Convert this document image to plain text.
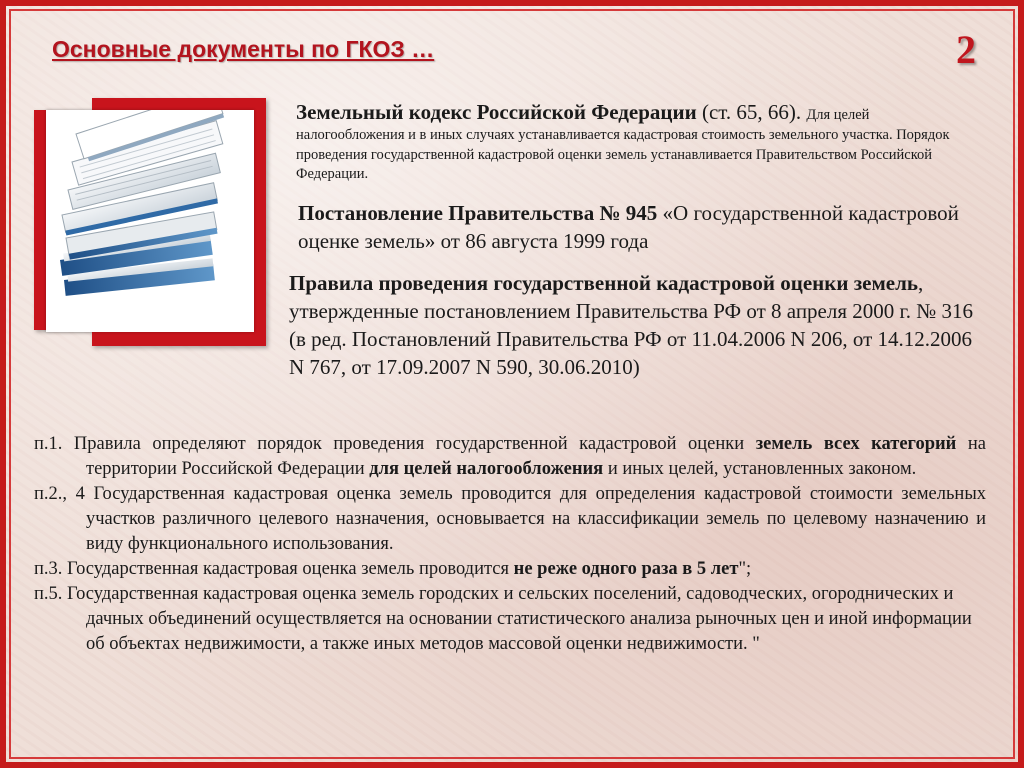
Основные документы по ГКОЗ …	2
Земельный кодекс Российской Федерации (ст. 65, 66). Для целей налогообложения и в иных случаях устанавливается кадастровая стоимость земельного участка. Порядок проведения государственной кадастровой оценки земель устанавливается Правительством Российской Федерации.
Постановление Правительства № 945 «О государственной кадастровой оценке земель» от 86 августа 1999 года
Правила проведения государственной кадастровой оценки земель, утвержденные постановлением Правительства РФ от 8 апреля 2000 г. № 316 (в ред. Постановлений Правительства РФ от 11.04.2006 N 206, от 14.12.2006 N 767, от 17.09.2007 N 590, 30.06.2010)

п.1. Правила определяют порядок проведения государственной кадастровой оценки земель всех категорий на территории Российской Федерации для целей налогообложения и иных целей, установленных законом.

п.2., 4 Государственная кадастровая оценка земель проводится для определения кадастровой стоимости земельных участков различного целевого назначения, основывается на классификации земель по целевому назначению и виду функционального использования.

п.3. Государственная кадастровая оценка земель проводится не реже одного раза в 5 лет";

п.5. Государственная кадастровая оценка земель городских и сельских поселений, садоводческих, огороднических и дачных объединений осуществляется на основании статистического анализа рыночных цен и иной информации об объектах недвижимости, а также иных методов массовой оценки недвижимости. "
